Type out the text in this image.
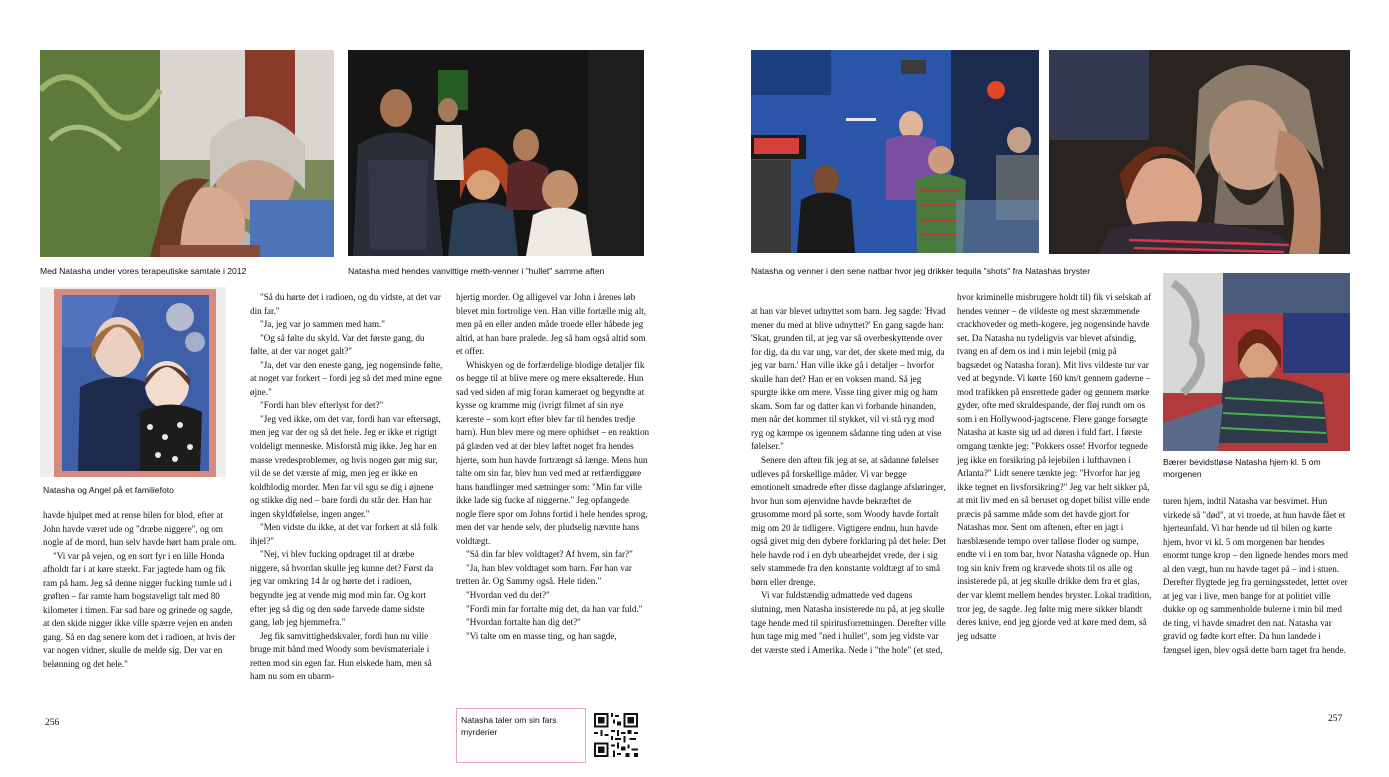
Med Natasha under vores terapeutiske samtale i 2012	Natasha med hendes vanvittige meth-venner i "hullet" samme aften
Natasha og Angel på et familiefoto

havde hjulpet med at rense bilen for blod, efter at John havde været ude og "dræbe niggere", og om nogle af de mord, hun selv havde hørt ham prale om.

"Vi var på vejen, og en sort fyr i en lille Honda afholdt far i at køre stærkt. Far jagtede ham og fik ram på ham. Jeg så denne nigger fucking tumle ud i grøften – far ramte ham bogstaveligt talt med 80 kilometer i timen. Far sad bare og grinede og sagde, at den skide nigger ikke ville spærre vejen en anden gang. Så en dag senere kom det i radioen, at hvis der var nogen vidner, skulle de melde sig. Der var en belønning og det hele."

"Så du hørte det i radioen, og du vidste, at det var din far."

"Ja, jeg var jo sammen med ham."

"Og så følte du skyld. Var det første gang, du følte, at der var noget galt?"

"Ja, det var den eneste gang, jeg nogensinde følte, at noget var forkert – fordi jeg så det med mine egne øjne."

"Fordi han blev efterlyst for det?"

"Jeg ved ikke, om det var, fordi han var eftersøgt, men jeg var der og så det hele. Jeg er ikke et rigtigt voldeligt menneske. Misforstå mig ikke. Jeg har en masse vredesproblemer, og hvis nogen gør mig sur, vil de se det værste af mig, men jeg er ikke en koldblodig morder. Men far vil sgu se dig i øjnene og stikke dig ned – bare fordi du står der. Han har ingen skyldfølelse, ingen anger."

"Men vidste du ikke, at det var forkert at slå folk ihjel?"

"Nej, vi blev fucking opdraget til at dræbe niggere, så hvordan skulle jeg kunne det? Først da jeg var omkring 14 år og hørte det i radioen, begyndte jeg at vende mig mod min far. Og kort efter jeg så dig og den søde farvede dame sidste gang, løb jeg hjemmefra."

Jeg fik samvittighedskvaler, fordi hun nu ville bruge mit bånd med Woody som bevismateriale i retten mod sin egen far. Hun elskede ham, men så ham nu som en ubarm-

hjertig morder. Og alligevel var John i årenes løb blevet min fortrolige ven. Han ville fortælle mig alt, men på en eller anden måde troede eller håbede jeg altid, at han bare pralede. Jeg så ham også altid som et offer.

Whiskyen og de forfærdelige blodige detaljer fik os begge til at blive mere og mere eksalterede. Hun sad ved siden af mig foran kameraet og begyndte at kysse og kramme mig (ivrigt filmet af sin nye kæreste – som kort efter blev far til hendes tredje barn). Hun blev mere og mere ophidset – en reaktion på glæden ved at der blev løftet noget fra hendes hjerte, som hun havde fortrængt så længe. Mens hun talte om sin far, blev hun ved med at retfærdiggøre hans handlinger med sætninger som: "Min far ville ikke lade sig fucke af niggerne." Jeg opfangede nogle flere spor om Johns fortid i hele hendes sprog, men det var hende selv, der pludselig nævnte hans voldtægt.

"Så din far blev voldtaget? Af hvem, sin far?"

"Ja, han blev voldtaget som barn. Før han var tretten år. Og Sammy også. Hele tiden."

"Hvordan ved du det?"

"Fordi min far fortalte mig det, da han var fuld."

"Hvordan fortalte han dig det?"

"Vi talte om en masse ting, og han sagde,

256	Natasha taler om sin fars myrderier
Natasha og venner i den sene natbar hvor jeg drikker tequila "shots" fra Natashas bryster
Bærer bevidstløse Natasha hjem kl. 5 om morgenen

at han var blevet udnyttet som barn. Jeg sagde: 'Hvad mener du med at blive udnyttet?' En gang sagde han: 'Skat, grunden til, at jeg var så overbeskyttende over for dig, da du var ung, var det, der skete med mig, da jeg var barn.' Han ville ikke gå i detaljer – hvorfor skulle han det? Han er en voksen mand. Så jeg spurgte ikke om mere. Visse ting giver mig og ham skam. Som far og datter kan vi forbande hinanden, men når det kommer til stykket, vil vi stå ryg mod ryg og kæmpe os igennem sådanne ting uden at vise følelser."

Senere den aften fik jeg at se, at sådanne følelser udleves på forskellige måder. Vi var begge emotionelt smadrede efter disse daglange afsløringer, hvor hun som øjenvidne havde bekræftet de grusomme mord på sorte, som Woody havde fortalt mig om 20 år tidligere. Vigtigere endnu, hun havde også givet mig den dybere forklaring på det hele: Det hele havde rod i en dyb ubearbejdet vrede, der i sig selv stammede fra den konstante voldtægt af to små børn eller drenge.

Vi var fuldstændig udmattede ved dagens slutning, men Natasha insisterede nu på, at jeg skulle tage hende med til spiritusforretningen. Derefter ville hun tage mig med "ned i hullet", som jeg vidste var det værste sted i Amerika. Nede i "the hole" (et sted,

hvor kriminelle misbrugere holdt til) fik vi selskab af hendes venner – de vildeste og mest skræmmende crackhoveder og meth-kogere, jeg nogensinde havde set. Da Natasha nu tydeligvis var blevet afsindig, tvang en af dem os ind i min lejebil (mig på bagsædet og Natasha foran). Mit livs vildeste tur var ved at begynde. Vi kørte 160 km/t gennem gaderne – mod trafikken på ensrettede gader og gennem mørke gyder, ofte med skraldespande, der fløj rundt om os som i en Hollywood-jagtscene. Flere gange forsøgte Natasha at kaste sig ud ad døren i fuld fart. I første omgang tænkte jeg: "Pokkers osse! Hvorfor tegnede jeg ikke en forsikring på lejebilen i lufthavnen i Atlanta?" Lidt senere tænkte jeg: "Hvorfor har jeg ikke tegnet en livsforsikring?" Jeg var helt sikker på, at mit liv med en så beruset og dopet bilist ville ende præcis på samme måde som det havde gjort for Natashas mor. Sent om aftenen, efter en jagt i hæsblæsende tempo over talløse floder og sumpe, endte vi i en tom bar, hvor Natasha vågnede op. Hun tog sin kniv frem og krævede shots til os alle og insisterede på, at jeg skulle drikke dem fra et glas, der var klemt mellem hendes bryster. Lokal tradition, tror jeg, de sagde. Jeg følte mig mere sikker blandt deres knive, end jeg gjorde ved at køre med dem, så jeg udsatte

turen hjem, indtil Natasha var besvimet. Hun virkede så "død", at vi troede, at hun havde fået et hjerteanfald. Vi bar hende ud til bilen og kørte hjem, hvor vi kl. 5 om morgenen bar hendes enormt tunge krop – den lignede hendes mors med al den vægt, hun nu havde taget på – ind i stuen. Derefter flygtede jeg fra gerningsstedet, lettet over at jeg var i live, men bange for at politiet ville dukke op og sammenholde bulerne i min bil med de ting, vi havde smadret den nat. Natasha var gravid og fødte kort efter. Da hun landede i fængsel igen, blev også dette barn taget fra hende.

257
